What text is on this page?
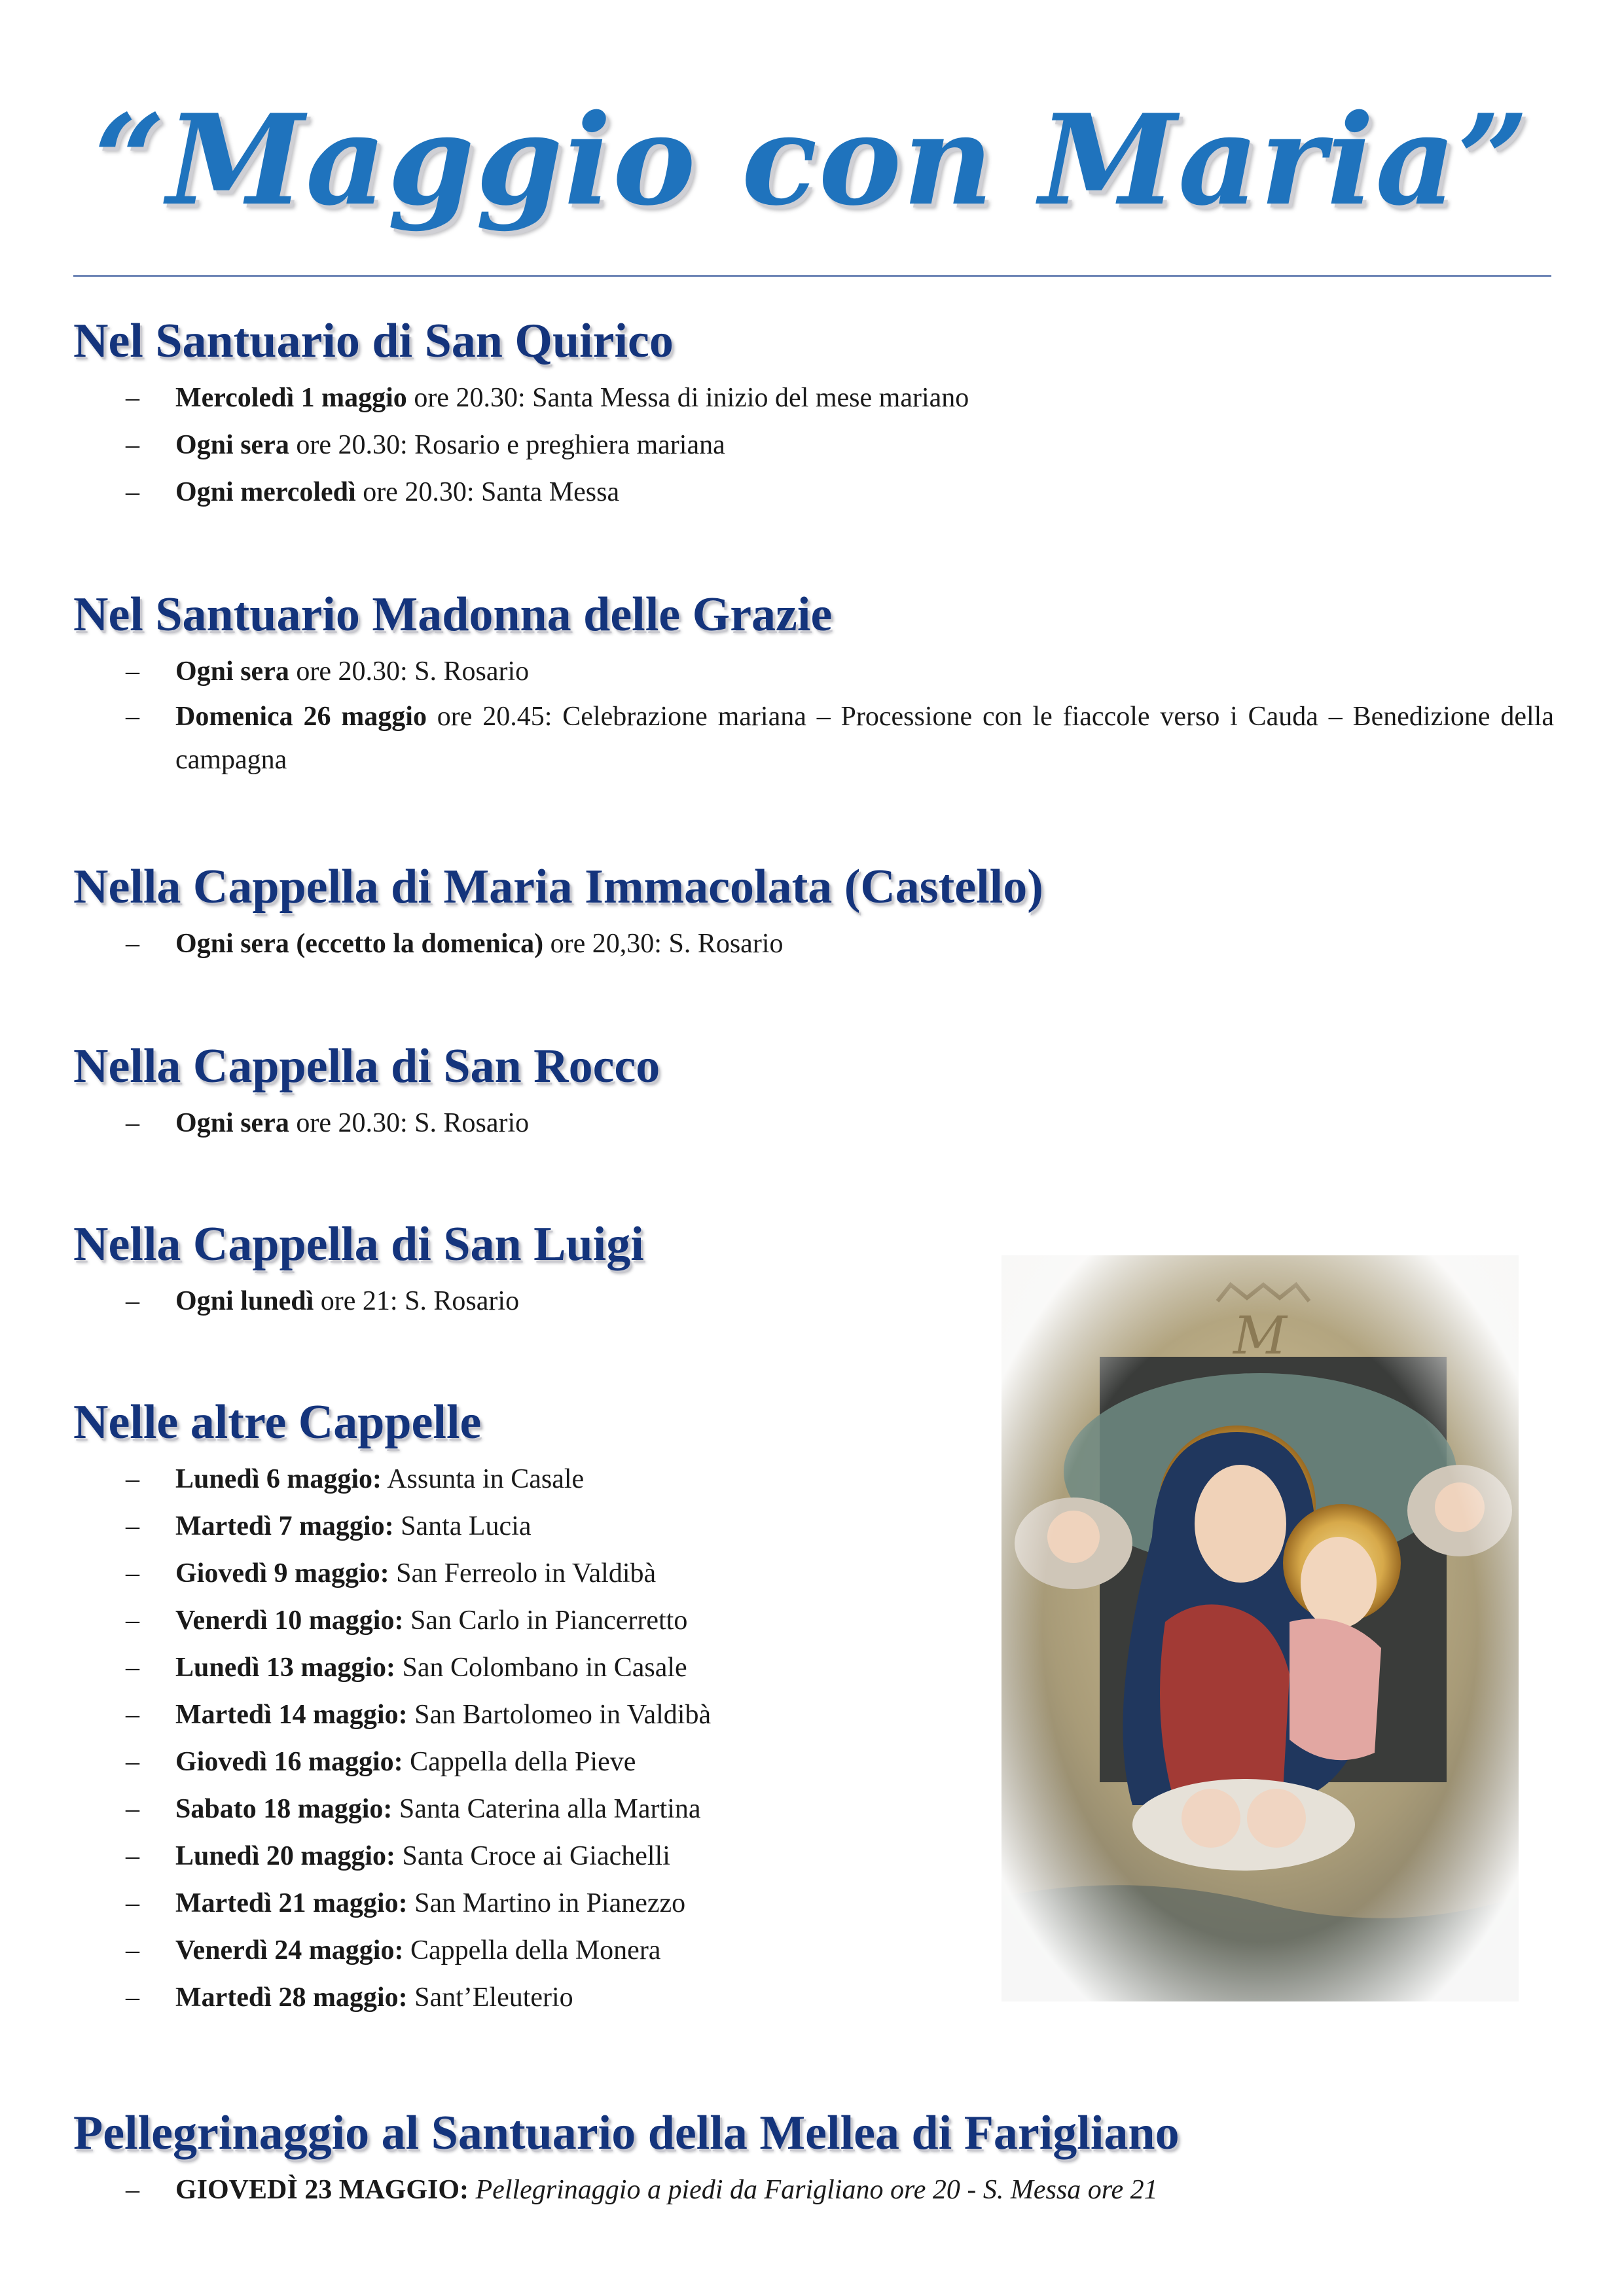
“Maggio con Maria”
Nel Santuario di San Quirico
– Mercoledì 1 maggio ore 20.30: Santa Messa di inizio del mese mariano
– Ogni sera ore 20.30: Rosario e preghiera mariana
– Ogni mercoledì ore 20.30: Santa Messa
Nel Santuario Madonna delle Grazie
– Ogni sera ore 20.30: S. Rosario
– Domenica 26 maggio ore 20.45: Celebrazione mariana – Processione con le fiaccole verso i Cauda – Benedizione della campagna
Nella Cappella di Maria Immacolata (Castello)
– Ogni sera (eccetto la domenica) ore 20,30: S. Rosario
Nella Cappella di San Rocco
– Ogni sera ore 20.30: S. Rosario
Nella Cappella di San Luigi
– Ogni lunedì ore 21: S. Rosario
Nelle altre Cappelle
– Lunedì 6 maggio: Assunta in Casale
– Martedì 7 maggio: Santa Lucia
– Giovedì 9 maggio: San Ferreolo in Valdibà
– Venerdì 10 maggio: San Carlo in Piancerretto
– Lunedì 13 maggio: San Colombano in Casale
– Martedì 14 maggio: San Bartolomeo in Valdibà
– Giovedì 16 maggio: Cappella della Pieve
– Sabato 18 maggio: Santa Caterina alla Martina
– Lunedì 20 maggio: Santa Croce ai Giachelli
– Martedì 21 maggio: San Martino in Pianezzo
– Venerdì 24 maggio: Cappella della Monera
– Martedì 28 maggio: Sant’Eleuterio
Pellegrinaggio al Santuario della Mellea di Farigliano
– GIOVEDÌ 23 MAGGIO: Pellegrinaggio a piedi da Farigliano ore 20 - S. Messa ore 21
